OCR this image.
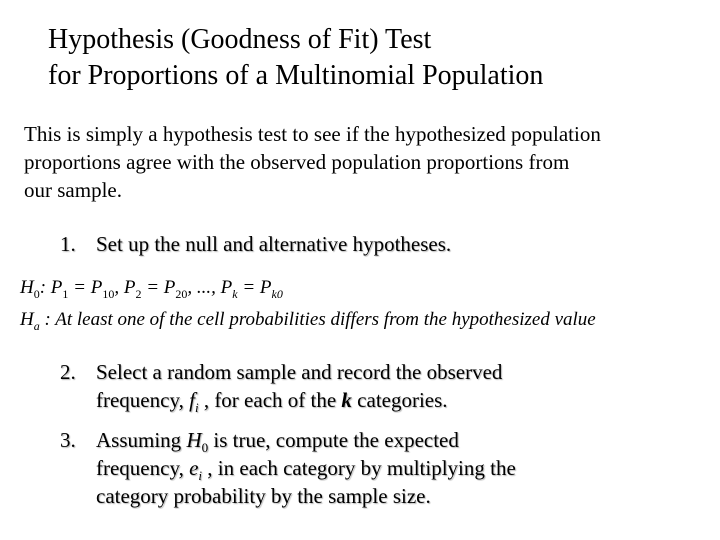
Hypothesis (Goodness of Fit) Test
for Proportions of a Multinomial Population
This is simply a hypothesis test to see if the hypothesized population
proportions agree with the observed population proportions from
our sample.
1. Set up the null and alternative hypotheses.
$H_0$: $P_1 = P_{10}$, $P_2 = P_{20}$, ..., $P_k = P_{k0}$
$H_a$ : At least one of the cell probabilities differs from the hypothesized value
2. Select a random sample and record the observed
frequency, $f_i$ , for each of the k categories.
3. Assuming $H_0$ is true, compute the expected
frequency, $e_i$ , in each category by multiplying the
category probability by the sample size.
